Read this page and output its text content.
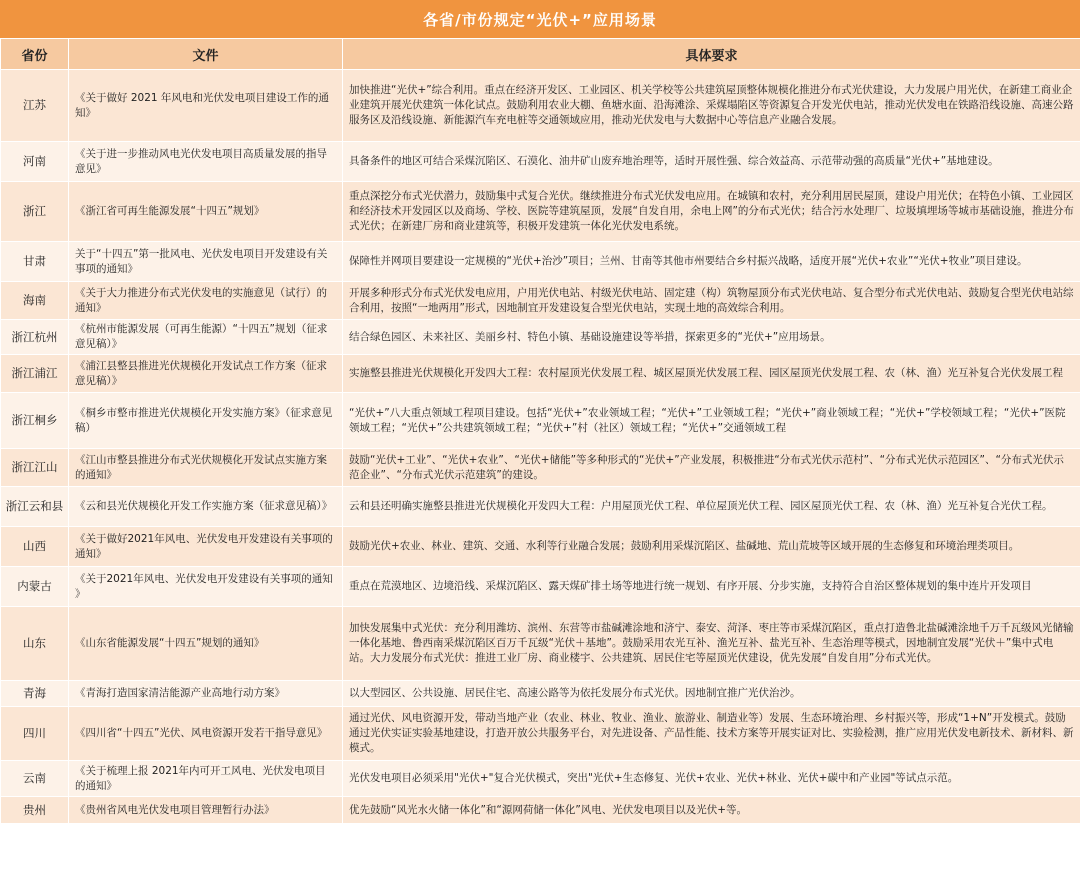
各省/市份规定“光伏+”应用场景
省份	文件	具体要求
江苏	《关于做好 2021 年风电和光伏发电项目建设工作的通知》	加快推进“光伏+”综合利用。重点在经济开发区、工业园区、机关学校等公共建筑屋顶整体规模化推进分布式光伏建设，大力发展户用光伏，在新建工商业企业建筑开展光伏建筑一体化试点。鼓励利用农业大棚、鱼塘水面、沿海滩涂、采煤塌陷区等资源复合开发光伏电站，推动光伏发电在铁路沿线设施、高速公路服务区及沿线设施、新能源汽车充电桩等交通领域应用，推动光伏发电与大数据中心等信息产业融合发展。
河南	《关于进一步推动风电光伏发电项目高质量发展的指导意见》	具备条件的地区可结合采煤沉陷区、石漠化、油井矿山废弃地治理等，适时开展性强、综合效益高、示范带动强的高质量“光伏+”基地建设。
浙江	《浙江省可再生能源发展“十四五”规划》	重点深挖分布式光伏潜力，鼓励集中式复合光伏。继续推进分布式光伏发电应用。在城镇和农村，充分利用居民屋顶，建设户用光伏；在特色小镇、工业园区和经济技术开发园区以及商场、学校、医院等建筑屋顶，发展“自发自用，余电上网”的分布式光伏；结合污水处理厂、垃圾填埋场等城市基础设施，推进分布式光伏；在新建厂房和商业建筑等，积极开发建筑一体化光伏发电系统。
甘肃	关于“十四五”第一批风电、光伏发电项目开发建设有关事项的通知》	保障性并网项目要建设一定规模的“光伏+治沙”项目；兰州、甘南等其他市州要结合乡村振兴战略，适度开展“光伏+农业”“光伏+牧业”项目建设。
海南	《关于大力推进分布式光伏发电的实施意见（试行）的通知》	开展多种形式分布式光伏发电应用，户用光伏电站、村级光伏电站、固定建（构）筑物屋顶分布式光伏电站、复合型分布式光伏电站、鼓励复合型光伏电站综合利用，按照“一地两用”形式，因地制宜开发建设复合型光伏电站，实现土地的高效综合利用。
浙江杭州	《杭州市能源发展（可再生能源）“十四五”规划（征求意见稿）》	结合绿色园区、未来社区、美丽乡村、特色小镇、基础设施建设等举措，探索更多的“光伏+”应用场景。
浙江浦江	《浦江县整县推进光伏规模化开发试点工作方案（征求意见稿）》	实施整县推进光伏规模化开发四大工程：农村屋顶光伏发展工程、城区屋顶光伏发展工程、园区屋顶光伏发展工程、农（林、渔）光互补复合光伏发展工程
浙江桐乡	《桐乡市整市推进光伏规模化开发实施方案》（征求意见稿）	“光伏+”八大重点领域工程项目建设。包括“光伏+”农业领域工程；“光伏+”工业领域工程；“光伏+”商业领域工程；“光伏+”学校领域工程；“光伏+”医院领域工程；“光伏+”公共建筑领域工程；“光伏+”村（社区）领域工程；“光伏+”交通领域工程
浙江江山	《江山市整县推进分布式光伏规模化开发试点实施方案的通知》	鼓励“光伏+工业”、“光伏+农业”、“光伏+储能”等多种形式的“光伏+”产业发展，积极推进“分布式光伏示范村”、“分布式光伏示范园区”、“分布式光伏示范企业”、“分布式光伏示范建筑”的建设。
浙江云和县	《云和县光伏规模化开发工作实施方案（征求意见稿）》	云和县还明确实施整县推进光伏规模化开发四大工程：户用屋顶光伏工程、单位屋顶光伏工程、园区屋顶光伏工程、农（林、渔）光互补复合光伏工程。
山西	《关于做好2021年风电、光伏发电开发建设有关事项的通知》	鼓励光伏+农业、林业、建筑、交通、水利等行业融合发展；鼓励利用采煤沉陷区、盐碱地、荒山荒坡等区域开展的生态修复和环境治理类项目。
内蒙古	《关于2021年风电、光伏发电开发建设有关事项的通知 》	重点在荒漠地区、边境沿线、采煤沉陷区、露天煤矿排土场等地进行统一规划、有序开展、分步实施，支持符合自治区整体规划的集中连片开发项目
山东	《山东省能源发展“十四五”规划的通知》	加快发展集中式光伏：充分利用潍坊、滨州、东营等市盐碱滩涂地和济宁、泰安、菏泽、枣庄等市采煤沉陷区，重点打造鲁北盐碱滩涂地千万千瓦级风光储输一体化基地、鲁西南采煤沉陷区百万千瓦级“光伏＋基地”。鼓励采用农光互补、渔光互补、盐光互补、生态治理等模式，因地制宜发展“光伏＋”集中式电站。大力发展分布式光伏：推进工业厂房、商业楼宇、公共建筑、居民住宅等屋顶光伏建设，优先发展“自发自用”分布式光伏。
青海	《青海打造国家清洁能源产业高地行动方案》	以大型园区、公共设施、居民住宅、高速公路等为依托发展分布式光伏。因地制宜推广光伏治沙。
四川	《四川省“十四五”光伏、风电资源开发若干指导意见》	通过光伏、风电资源开发，带动当地产业（农业、林业、牧业、渔业、旅游业、制造业等）发展、生态环境治理、乡村振兴等，形成“1+N”开发模式。鼓励通过光伏实证实验基地建设，打造开放公共服务平台，对先进设备、产品性能、技术方案等开展实证对比、实验检测，推广应用光伏发电新技术、新材料、新模式。
云南	《关于梳理上报 2021年内可开工风电、光伏发电项目的通知》	光伏发电项目必须采用"光伏+"复合光伏模式，突出"光伏+生态修复、光伏+农业、光伏+林业、光伏+碳中和产业园"等试点示范。
贵州	《贵州省风电光伏发电项目管理暂行办法》	优先鼓励“风光水火储一体化”和“源网荷储一体化”风电、光伏发电项目以及光伏+等。
